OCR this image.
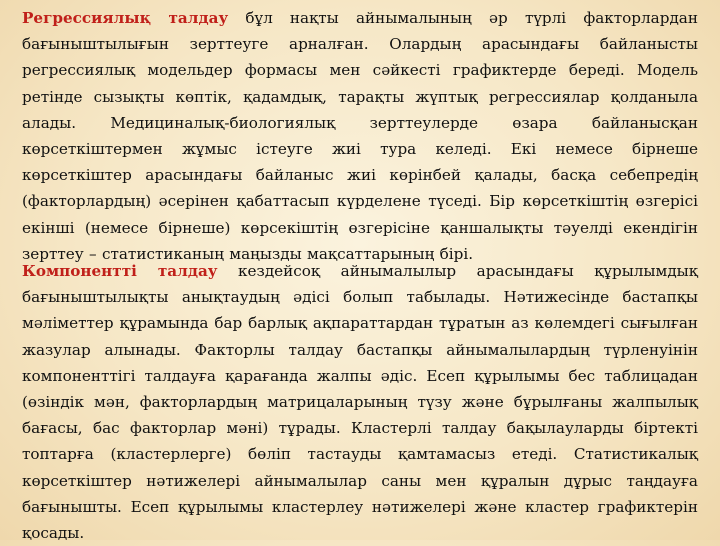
Регрессиялық талдау бұл нақты айнымалының әр түрлі факторлардан бағыныштылығын зерттеуге арналған. Олардың арасындағы байланысты регрессиялық модельдер формасы мен сәйкесті графиктерде береді. Модель ретінде сызықты көптік, қадамдық, тарақты жүптық регрессиялар қолданыла алады. Медициналық-биологиялық зерттеулерде өзара байланысқан көрсеткіштермен жұмыс істеуге жиі тура келеді. Екі немесе бірнеше көрсеткіштер арасындағы байланыс жиі көрінбей қалады, басқа себепредің (факторлардың) әсерінен қабаттасып күрделене түседі. Бір көрсеткіштің өзгерісі екінші (немесе бірнеше) көрсекіштің өзгерісіне қаншалықты тәуелді екендігін зерттеу – статистиканың маңызды мақсаттарының бірі.

Компоненттi талдау кездейсоқ айнымалылыр арасындағы құрылымдық бағыныштылықты анықтаудың әдісі болып табылады. Нәтижесінде бастапқы мәліметтер құрамында бар барлық ақпараттардан тұратын аз көлемдегі сығылған жазулар алынады. Факторлы талдау бастапқы айнымалылардың түрленуінін компоненттігі талдауға қарағанда жалпы әдіс. Есеп құрылымы бес таблицадан (өзіндік мән, факторлардың матрицаларының түзу және бұрылғаны жалпылық бағасы, бас факторлар мәні) тұрады. Кластерлі талдау бақылауларды біртекті топтарға (кластерлерге) бөліп тастауды қамтамасыз етеді. Статистикалық көрсеткіштер нәтижелері айнымалылар саны мен құралын дұрыс таңдауға бағынышты. Есеп құрылымы кластерлеу нәтижелері және кластер графиктерін қосады.
